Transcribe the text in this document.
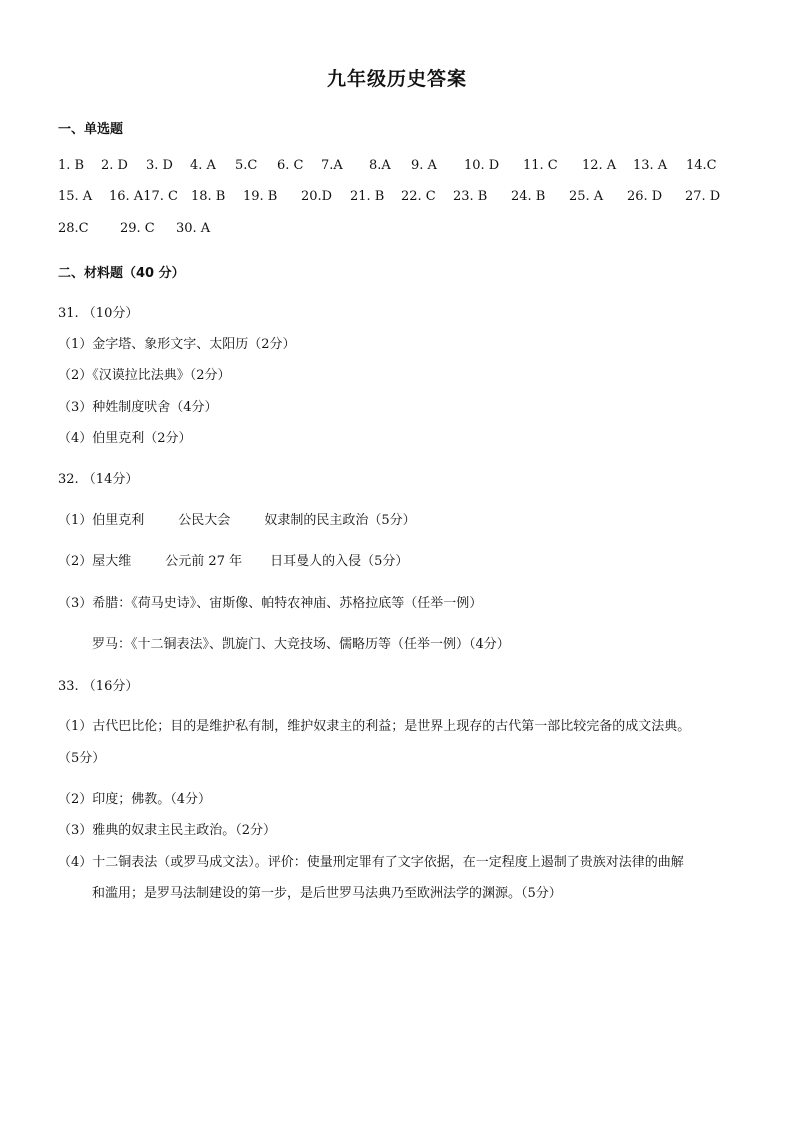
九年级历史答案
一、单选题
1. B 2. D 3. D 4. A 5.C 6. C 7.A 8.A 9. A 10. D 11. C 12. A 13. A 14.C
15. A 16. A17. C 18. B 19. B 20.D 21. B 22. C 23. B 24. B 25. A 26. D 27. D
28.C 29. C 30. A
二、材料题（40 分）
31. （10分）
（1）金字塔、象形文字、太阳历（2分）
（2）《汉谟拉比法典》（2分）
（3）种姓制度吠舍（4分）
（4）伯里克利（2分）
32. （14分）
（1）伯里克利	公民大会	奴隶制的民主政治（5分）
（2）屋大维	公元前 27 年 日耳曼人的入侵（5分）
（3）希腊：《荷马史诗》、宙斯像、帕特农神庙、苏格拉底等（任举一例）
罗马：《十二铜表法》、凯旋门、大竞技场、儒略历等（任举一例）（4分）
33. （16分）
（1）古代巴比伦；目的是维护私有制，维护奴隶主的利益；是世界上现存的古代第一部比较完备的成文法典。
（5分）
（2）印度；佛教。（4分）
（3）雅典的奴隶主民主政治。（2分）
（4）十二铜表法（或罗马成文法）。评价：使量刑定罪有了文字依据，在一定程度上遏制了贵族对法律的曲解
和滥用；是罗马法制建设的第一步，是后世罗马法典乃至欧洲法学的渊源。（5分）
